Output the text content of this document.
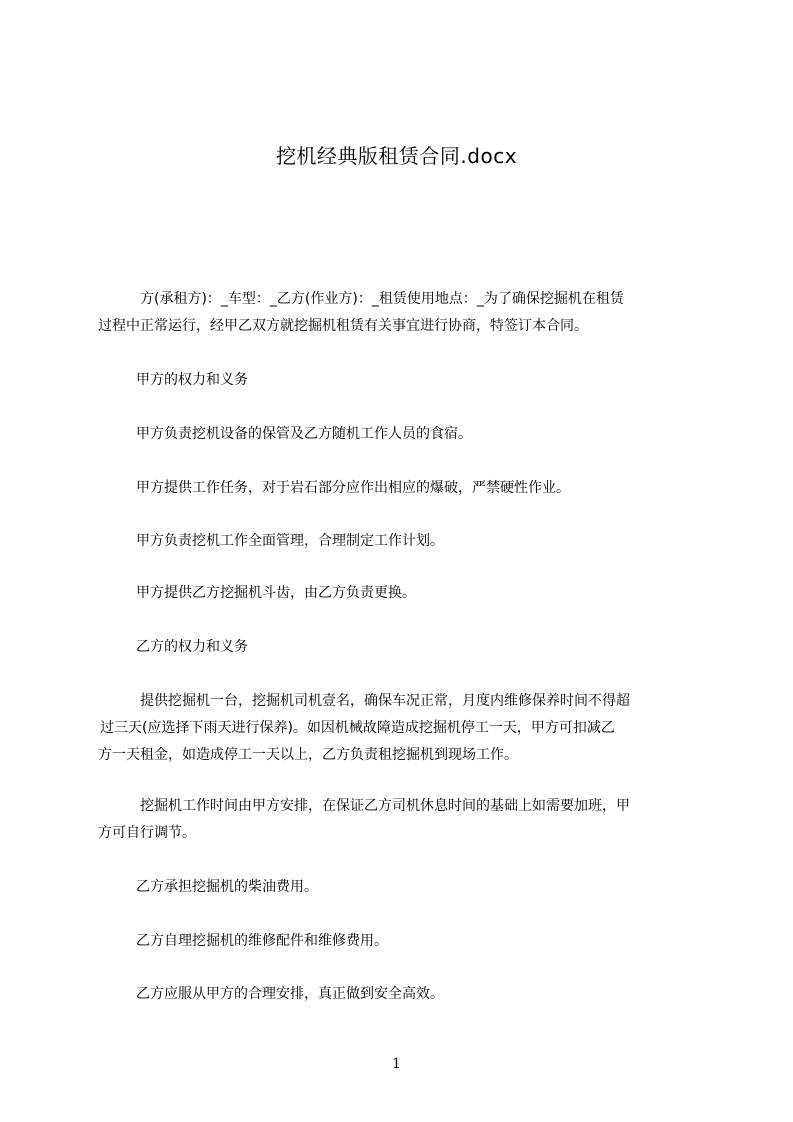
挖机经典版租赁合同.docx

方(承租方)：_车型：_乙方(作业方)：_租赁使用地点：_为了确保挖掘机在租赁
过程中正常运行，经甲乙双方就挖掘机租赁有关事宜进行协商，特签订本合同。

甲方的权力和义务

甲方负责挖机设备的保管及乙方随机工作人员的食宿。

甲方提供工作任务，对于岩石部分应作出相应的爆破，严禁硬性作业。

甲方负责挖机工作全面管理，合理制定工作计划。

甲方提供乙方挖掘机斗齿，由乙方负责更换。

乙方的权力和义务

提供挖掘机一台，挖掘机司机壹名，确保车况正常，月度内维修保养时间不得超
过三天(应选择下雨天进行保养)。如因机械故障造成挖掘机停工一天，甲方可扣减乙
方一天租金，如造成停工一天以上，乙方负责租挖掘机到现场工作。

挖掘机工作时间由甲方安排，在保证乙方司机休息时间的基础上如需要加班，甲
方可自行调节。

乙方承担挖掘机的柴油费用。

乙方自理挖掘机的维修配件和维修费用。

乙方应服从甲方的合理安排，真正做到安全高效。

1
